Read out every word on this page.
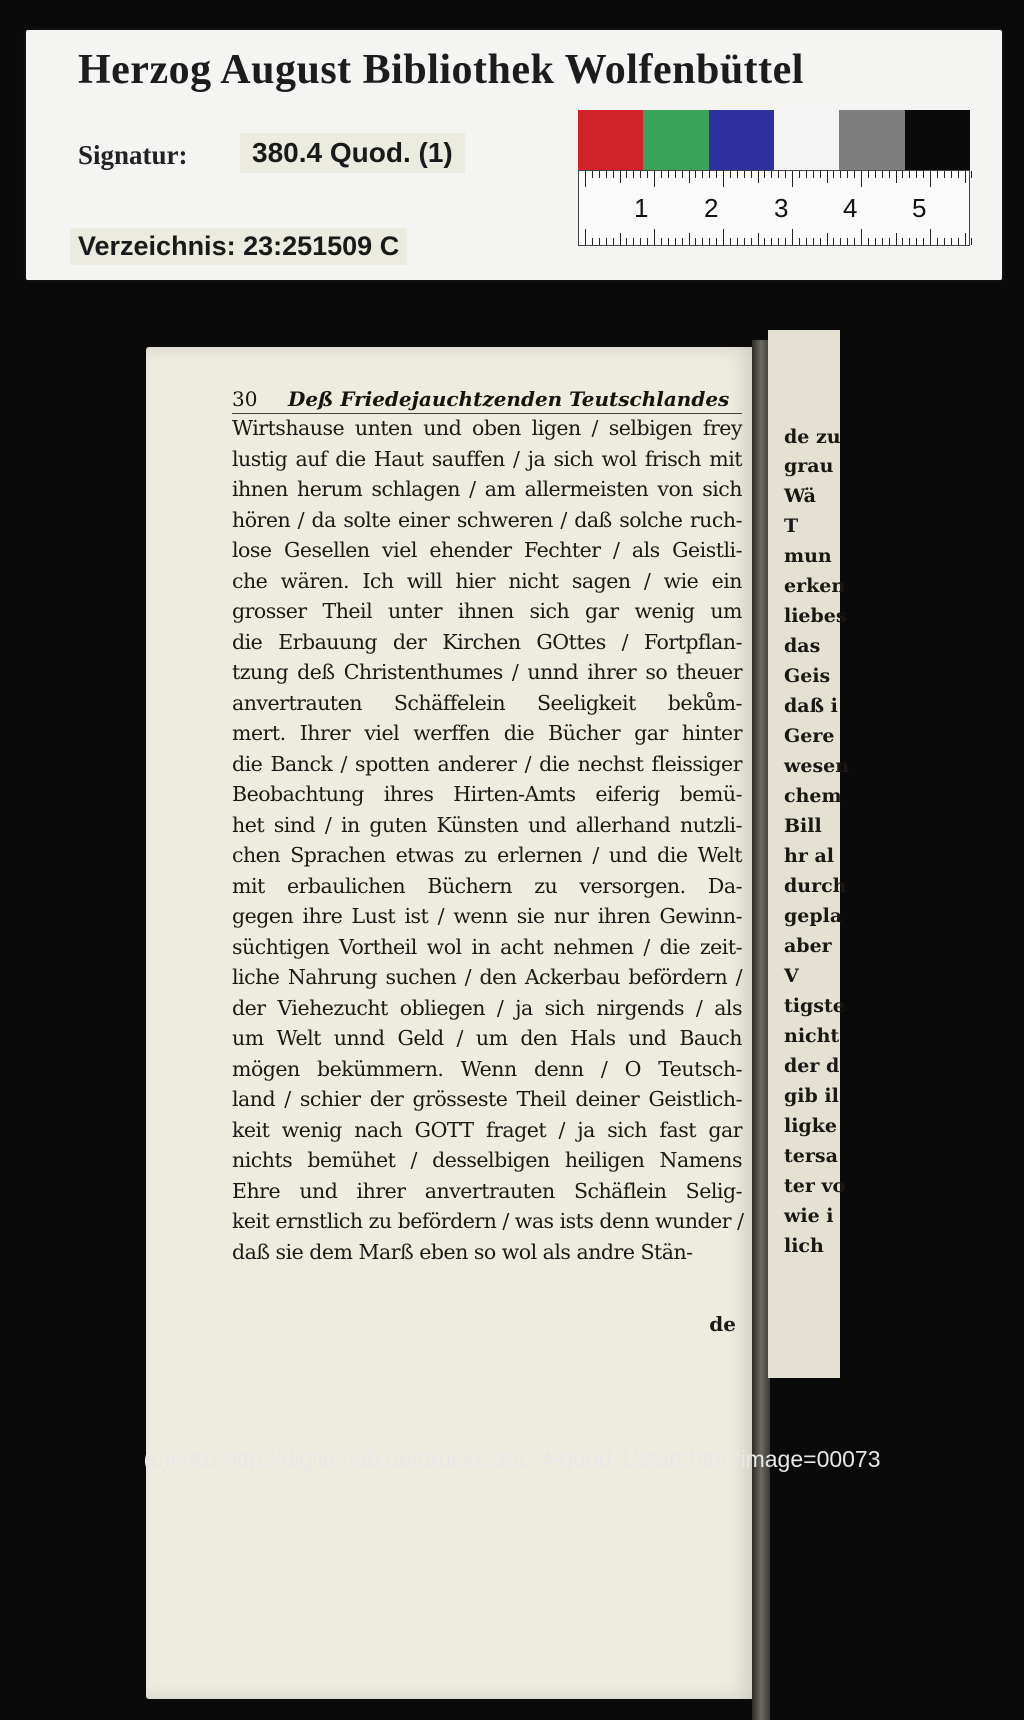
Herzog August Bibliothek Wolfenbüttel
Signatur:	380.4 Quod. (1)
Verzeichnis: 23:251509 C
1 2 3 4 5
30 Deß Friedejauchtzenden Teutschlandes
Wirtshause unten und oben ligen / selbigen frey
lustig auf die Haut sauffen / ja sich wol frisch mit
ihnen herum schlagen / am allermeisten von sich
hören / da solte einer schweren / daß solche ruch-
lose Gesellen viel ehender Fechter / als Geistli-
che wären. Ich will hier nicht sagen / wie ein
grosser Theil unter ihnen sich gar wenig um
die Erbauung der Kirchen GOttes / Fortpflan-
tzung deß Christenthumes / unnd ihrer so theuer
anvertrauten Schäffelein Seeligkeit bekům-
mert. Ihrer viel werffen die Bücher gar hinter
die Banck / spotten anderer / die nechst fleissiger
Beobachtung ihres Hirten-Amts eiferig bemü-
het sind / in guten Künsten und allerhand nutzli-
chen Sprachen etwas zu erlernen / und die Welt
mit erbaulichen Büchern zu versorgen. Da-
gegen ihre Lust ist / wenn sie nur ihren Gewinn-
süchtigen Vortheil wol in acht nehmen / die zeit-
liche Nahrung suchen / den Ackerbau befördern /
der Viehezucht obliegen / ja sich nirgends / als
um Welt unnd Geld / um den Hals und Bauch
mögen bekümmern. Wenn denn / O Teutsch-
land / schier der grösseste Theil deiner Geistlich-
keit wenig nach GOTT fraget / ja sich fast gar
nichts bemühet / desselbigen heiligen Namens
Ehre und ihrer anvertrauten Schäflein Selig-
keit ernstlich zu befördern / was ists denn wunder /
daß sie dem Marß eben so wol als andre Stän-
de
de zu
grau
Wä
T
mun
erken
liebes
das
Geis
daß i
Gere
wesen
chem
Bill
hr al
durch
gepla
aber
V
tigste
nicht
der d
gib il
ligke
tersa
ter vo
wie i
lich
(c)HAB http://diglib.hab.de/drucke/380-4-quod-1/start.htm?image=00073
